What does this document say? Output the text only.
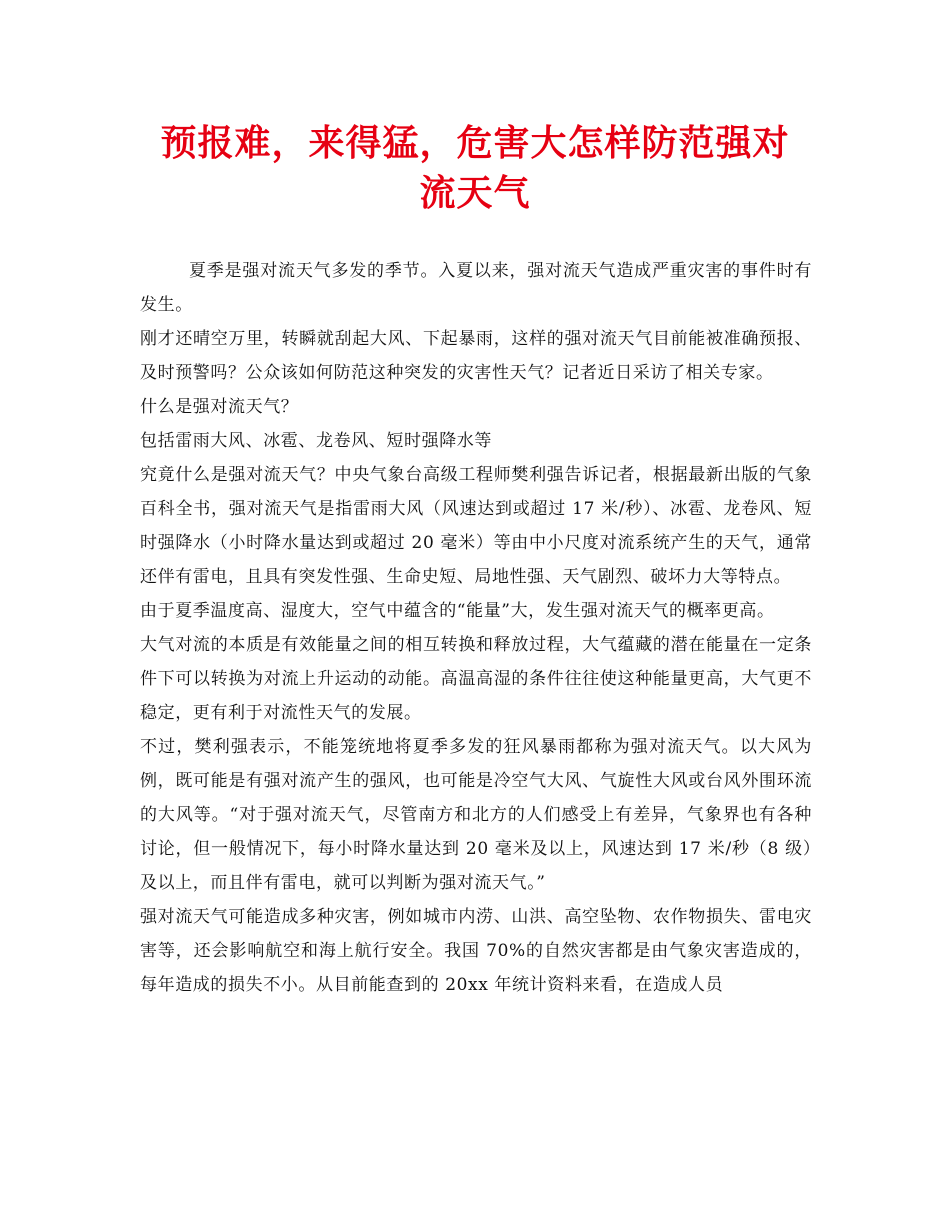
预报难，来得猛，危害大怎样防范强对流天气

夏季是强对流天气多发的季节。入夏以来，强对流天气造成严重灾害的事件时有发生。

刚才还晴空万里，转瞬就刮起大风、下起暴雨，这样的强对流天气目前能被准确预报、及时预警吗？公众该如何防范这种突发的灾害性天气？记者近日采访了相关专家。

什么是强对流天气？

包括雷雨大风、冰雹、龙卷风、短时强降水等

究竟什么是强对流天气？中央气象台高级工程师樊利强告诉记者，根据最新出版的气象百科全书，强对流天气是指雷雨大风（风速达到或超过 17 米/秒）、冰雹、龙卷风、短时强降水（小时降水量达到或超过 20 毫米）等由中小尺度对流系统产生的天气，通常还伴有雷电，且具有突发性强、生命史短、局地性强、天气剧烈、破坏力大等特点。

由于夏季温度高、湿度大，空气中蕴含的“能量”大，发生强对流天气的概率更高。

大气对流的本质是有效能量之间的相互转换和释放过程，大气蕴藏的潜在能量在一定条件下可以转换为对流上升运动的动能。高温高湿的条件往往使这种能量更高，大气更不稳定，更有利于对流性天气的发展。

不过，樊利强表示，不能笼统地将夏季多发的狂风暴雨都称为强对流天气。以大风为例，既可能是有强对流产生的强风，也可能是冷空气大风、气旋性大风或台风外围环流的大风等。“对于强对流天气，尽管南方和北方的人们感受上有差异，气象界也有各种讨论，但一般情况下，每小时降水量达到 20 毫米及以上，风速达到 17 米/秒（8 级）及以上，而且伴有雷电，就可以判断为强对流天气。”

强对流天气可能造成多种灾害，例如城市内涝、山洪、高空坠物、农作物损失、雷电灾害等，还会影响航空和海上航行安全。我国 70%的自然灾害都是由气象灾害造成的，每年造成的损失不小。从目前能查到的 20xx 年统计资料来看，在造成人员
